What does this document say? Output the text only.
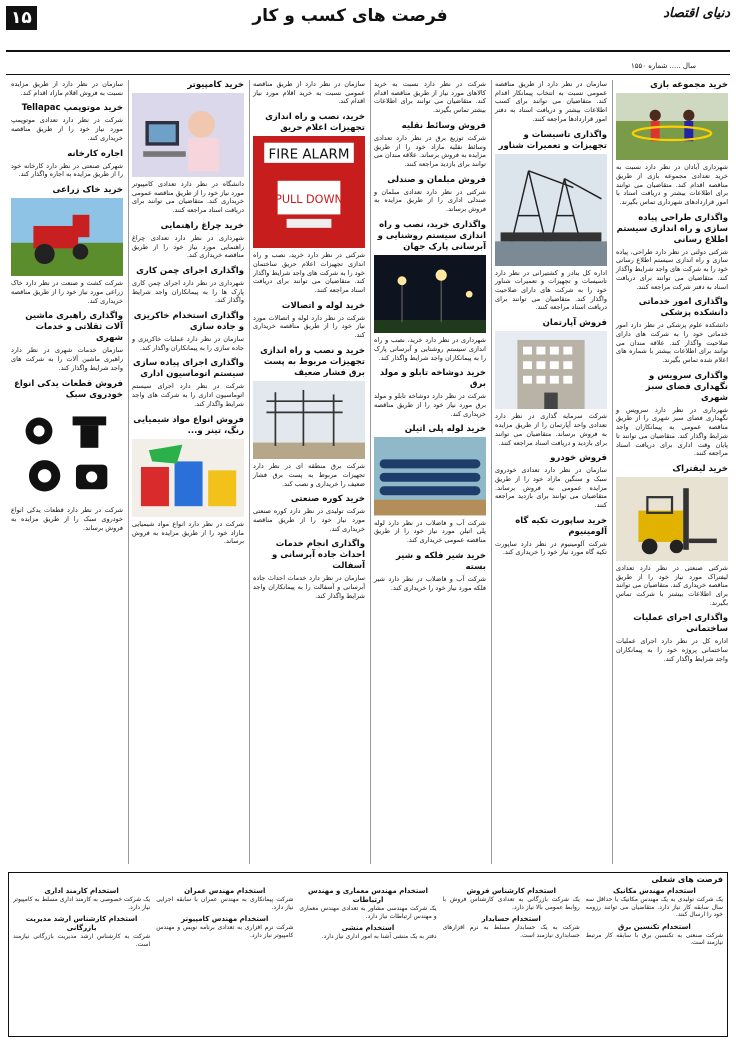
۱۵	فرصت های کسب و کار	دنیای اقتصاد
سال ..... شماره ۱۵۵۰
خرید مجموعه بازی

شهرداری آبادان در نظر دارد نسبت به خرید تعدادی مجموعه بازی از طریق مناقصه اقدام کند. متقاضیان می توانند برای اطلاعات بیشتر و دریافت اسناد با امور قراردادهای شهرداری تماس بگیرند.

واگذاری طراحی پیاده سازی و راه اندازی سیستم اطلاع رسانی

شرکتی دولتی در نظر دارد طراحی، پیاده سازی و راه اندازی سیستم اطلاع رسانی خود را به شرکت های واجد شرایط واگذار کند. متقاضیان می توانند برای دریافت اسناد به دفتر شرکت مراجعه کنند.

واگذاری امور خدماتی دانشکده پزشکی

دانشکده علوم پزشکی در نظر دارد امور خدماتی خود را به شرکت های دارای صلاحیت واگذار کند. علاقه مندان می توانند برای اطلاعات بیشتر با شماره های اعلام شده تماس بگیرند.

واگذاری سرویس و نگهداری فضای سبز شهری

شهرداری در نظر دارد سرویس و نگهداری فضای سبز شهری را از طریق مناقصه عمومی به پیمانکاران واجد شرایط واگذار کند. متقاضیان می توانند تا پایان وقت اداری برای دریافت اسناد مراجعه کنند.

خرید لیفتراک

شرکتی صنعتی در نظر دارد تعدادی لیفتراک مورد نیاز خود را از طریق مناقصه خریداری کند. متقاضیان می توانند برای اطلاعات بیشتر با شرکت تماس بگیرند.

واگذاری اجرای عملیات ساختمانی

اداره کل در نظر دارد اجرای عملیات ساختمانی پروژه خود را به پیمانکاران واجد شرایط واگذار کند.

سازمان در نظر دارد از طریق مناقصه عمومی نسبت به انتخاب پیمانکار اقدام کند. متقاضیان می توانند برای کسب اطلاعات بیشتر و دریافت اسناد به دفتر امور قراردادها مراجعه کنند.

واگذاری تاسیسات و تجهیزات و تعمیرات شناور

اداره کل بنادر و کشتیرانی در نظر دارد تاسیسات و تجهیزات و تعمیرات شناور خود را به شرکت های دارای صلاحیت واگذار کند. متقاضیان می توانند برای دریافت اسناد مراجعه کنند.

فروش آپارتمان

شرکت سرمایه گذاری در نظر دارد تعدادی واحد آپارتمان را از طریق مزایده به فروش برساند. متقاضیان می توانند برای بازدید و دریافت اسناد مراجعه کنند.

فروش خودرو

سازمان در نظر دارد تعدادی خودروی سبک و سنگین مازاد خود را از طریق مزایده عمومی به فروش برساند. متقاضیان می توانند برای بازدید مراجعه کنند.

خرید ساپورت تکیه گاه آلومینیوم

شرکت آلومینیوم در نظر دارد ساپورت تکیه گاه مورد نیاز خود را خریداری کند.

شرکت در نظر دارد نسبت به خرید کالاهای مورد نیاز از طریق مناقصه اقدام کند. متقاضیان می توانند برای اطلاعات بیشتر تماس بگیرند.

فروش وسائط نقلیه

شرکت توزیع برق در نظر دارد تعدادی وسائط نقلیه مازاد خود را از طریق مزایده به فروش برساند. علاقه مندان می توانند برای بازدید مراجعه کنند.

فروش مبلمان و صندلی

شرکتی در نظر دارد تعدادی مبلمان و صندلی اداری را از طریق مزایده به فروش برساند.

واگذاری خرید، نصب و راه اندازی سیستم روشنایی و آبرسانی پارک جهان

شهرداری در نظر دارد خرید، نصب و راه اندازی سیستم روشنایی و آبرسانی پارک را به پیمانکاران واجد شرایط واگذار کند.

خرید دوشاخه تابلو و مولد برق

شرکت در نظر دارد دوشاخه تابلو و مولد برق مورد نیاز خود را از طریق مناقصه خریداری کند.

خرید لوله پلی اتیلن

شرکت آب و فاضلاب در نظر دارد لوله پلی اتیلن مورد نیاز خود را از طریق مناقصه عمومی خریداری کند.

خرید شیر فلکه و شیر بسته

شرکت آب و فاضلاب در نظر دارد شیر فلکه مورد نیاز خود را خریداری کند.

سازمان در نظر دارد از طریق مناقصه عمومی نسبت به خرید اقلام مورد نیاز اقدام کند.

خرید، نصب و راه اندازی تجهیزات اعلام حریق
FIRE ALARM
PULL DOWN

شرکتی در نظر دارد خرید، نصب و راه اندازی تجهیزات اعلام حریق ساختمان خود را به شرکت های واجد شرایط واگذار کند. متقاضیان می توانند برای دریافت اسناد مراجعه کنند.

خرید لوله و اتصالات

شرکت در نظر دارد لوله و اتصالات مورد نیاز خود را از طریق مناقصه خریداری کند.

خرید و نصب و راه اندازی تجهیزات مربوط به پست برق فشار ضعیف

شرکت برق منطقه ای در نظر دارد تجهیزات مربوط به پست برق فشار ضعیف را خریداری و نصب کند.

خرید کوره صنعتی

شرکت تولیدی در نظر دارد کوره صنعتی مورد نیاز خود را از طریق مناقصه خریداری کند.

واگذاری انجام خدمات احداث جاده آبرسانی و آسفالت

سازمان در نظر دارد خدمات احداث جاده آبرسانی و آسفالت را به پیمانکاران واجد شرایط واگذار کند.

خرید کامپیوتر

دانشگاه در نظر دارد تعدادی کامپیوتر مورد نیاز خود را از طریق مناقصه عمومی خریداری کند. متقاضیان می توانند برای دریافت اسناد مراجعه کنند.

خرید چراغ راهنمایی

شهرداری در نظر دارد تعدادی چراغ راهنمایی مورد نیاز خود را از طریق مناقصه خریداری کند.

واگذاری اجرای چمن کاری

شهرداری در نظر دارد اجرای چمن کاری پارک ها را به پیمانکاران واجد شرایط واگذار کند.

واگذاری استخدام خاکریزی و جاده سازی

سازمان در نظر دارد عملیات خاکریزی و جاده سازی را به پیمانکاران واگذار کند.

واگذاری اجرای پیاده سازی سیستم اتوماسیون اداری

شرکت در نظر دارد اجرای سیستم اتوماسیون اداری را به شرکت های واجد شرایط واگذار کند.

فروش انواع مواد شیمیایی رنگ، تینر و...

شرکت در نظر دارد انواع مواد شیمیایی مازاد خود را از طریق مزایده به فروش برساند.

سازمان در نظر دارد از طریق مزایده نسبت به فروش اقلام مازاد اقدام کند.

خرید موتوپمپ Tellapac

شرکت در نظر دارد تعدادی موتوپمپ مورد نیاز خود را از طریق مناقصه خریداری کند.

اجاره کارخانه

شهرکی صنعتی در نظر دارد کارخانه خود را از طریق مزایده به اجاره واگذار کند.

خرید خاک زراعی

شرکت کشت و صنعت در نظر دارد خاک زراعی مورد نیاز خود را از طریق مناقصه خریداری کند.

واگذاری راهبری ماشین آلات ثقلاتی و خدمات شهری

سازمان خدمات شهری در نظر دارد راهبری ماشین آلات را به شرکت های واجد شرایط واگذار کند.

فروش قطعات یدکی انواع خودروی سبک

شرکت در نظر دارد قطعات یدکی انواع خودروی سبک را از طریق مزایده به فروش برساند.

فرصت های شغلی
استخدام مهندس مکانیک

یک شرکت تولیدی به یک مهندس مکانیک با حداقل سه سال سابقه کار نیاز دارد. متقاضیان می توانند رزومه خود را ارسال کنند.

استخدام تکنسین برق

شرکت صنعتی به تکنسین برق با سابقه کار مرتبط نیازمند است.

استخدام کارشناس فروش

یک شرکت بازرگانی به تعدادی کارشناس فروش با روابط عمومی بالا نیاز دارد.

استخدام حسابدار

شرکت به یک حسابدار مسلط به نرم افزارهای حسابداری نیازمند است.

استخدام مهندس معماری و مهندس ارتباطات

یک شرکت مهندسی مشاور به تعدادی مهندس معماری و مهندس ارتباطات نیاز دارد.

استخدام منشی

دفتر به یک منشی آشنا به امور اداری نیاز دارد.

استخدام مهندس عمران

شرکت پیمانکاری به مهندس عمران با سابقه اجرایی نیاز دارد.

استخدام مهندس کامپیوتر

شرکت نرم افزاری به تعدادی برنامه نویس و مهندس کامپیوتر نیاز دارد.

استخدام کارمند اداری

یک شرکت خصوصی به کارمند اداری مسلط به کامپیوتر نیاز دارد.

استخدام کارشناس ارشد مدیریت بازرگانی

شرکت به کارشناس ارشد مدیریت بازرگانی نیازمند است.
